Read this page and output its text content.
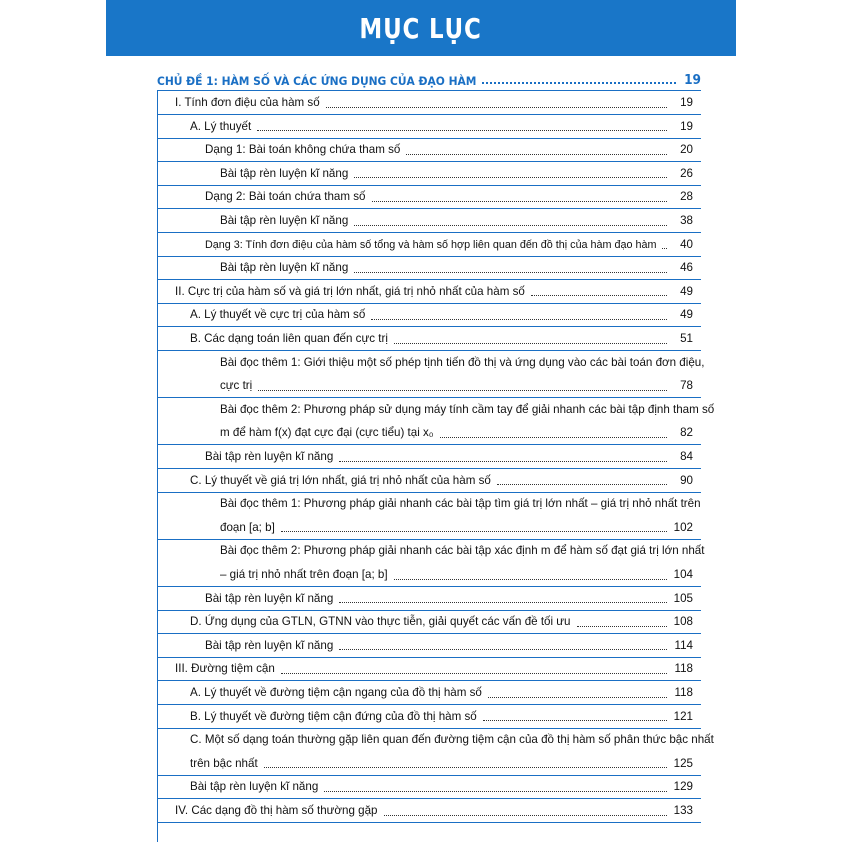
MỤC LỤC
CHỦ ĐỀ 1: HÀM SỐ VÀ CÁC ỨNG DỤNG CỦA ĐẠO HÀM	19
I. Tính đơn điệu của hàm số	19
A. Lý thuyết	19
Dạng 1: Bài toán không chứa tham số	20
Bài tập rèn luyện kĩ năng	26
Dạng 2: Bài toán chứa tham số	28
Bài tập rèn luyện kĩ năng	38
Dạng 3: Tính đơn điệu của hàm số tổng và hàm số hợp liên quan đến đồ thị của hàm đạo hàm	40
Bài tập rèn luyện kĩ năng	46
II. Cực trị của hàm số và giá trị lớn nhất, giá trị nhỏ nhất của hàm số	49
A. Lý thuyết về cực trị của hàm số	49
B. Các dạng toán liên quan đến cực trị	51
Bài đọc thêm 1: Giới thiệu một số phép tịnh tiến đồ thị và ứng dụng vào các bài toán đơn điệu,
cực trị	78
Bài đọc thêm 2: Phương pháp sử dụng máy tính cầm tay để giải nhanh các bài tập định tham số
m để hàm f(x) đạt cực đại (cực tiểu) tại x₀	82
Bài tập rèn luyện kĩ năng	84
C. Lý thuyết về giá trị lớn nhất, giá trị nhỏ nhất của hàm số	90
Bài đọc thêm 1: Phương pháp giải nhanh các bài tập tìm giá trị lớn nhất – giá trị nhỏ nhất trên
đoạn [a; b]	102
Bài đọc thêm 2: Phương pháp giải nhanh các bài tập xác định m để hàm số đạt giá trị lớn nhất
– giá trị nhỏ nhất trên đoạn [a; b]	104
Bài tập rèn luyện kĩ năng	105
D. Ứng dụng của GTLN, GTNN vào thực tiễn, giải quyết các vấn đề tối ưu	108
Bài tập rèn luyện kĩ năng	114
III. Đường tiệm cận	118
A. Lý thuyết về đường tiệm cận ngang của đồ thị hàm số	118
B. Lý thuyết về đường tiệm cận đứng của đồ thị hàm số	121
C. Một số dạng toán thường gặp liên quan đến đường tiệm cận của đồ thị hàm số phân thức bậc nhất
trên bậc nhất	125
Bài tập rèn luyện kĩ năng	129
IV. Các dạng đồ thị hàm số thường gặp	133
